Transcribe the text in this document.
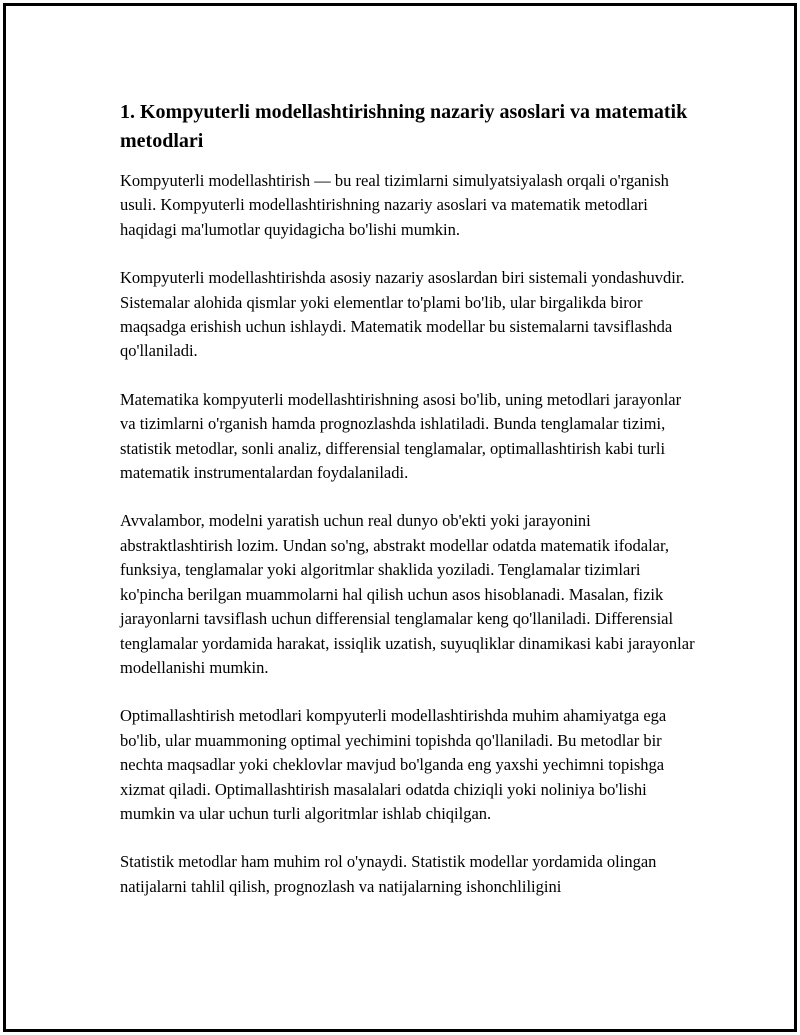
1. Kompyuterli modellashtirishning nazariy asoslari va matematik metodlari

Kompyuterli modellashtirish — bu real tizimlarni simulyatsiyalash orqali o'rganish usuli. Kompyuterli modellashtirishning nazariy asoslari va matematik metodlari haqidagi ma'lumotlar quyidagicha bo'lishi mumkin.

Kompyuterli modellashtirishda asosiy nazariy asoslardan biri sistemali yondashuvdir. Sistemalar alohida qismlar yoki elementlar to'plami bo'lib, ular birgalikda biror maqsadga erishish uchun ishlaydi. Matematik modellar bu sistemalarni tavsiflashda qo'llaniladi.

Matematika kompyuterli modellashtirishning asosi bo'lib, uning metodlari jarayonlar va tizimlarni o'rganish hamda prognozlashda ishlatiladi. Bunda tenglamalar tizimi, statistik metodlar, sonli analiz, differensial tenglamalar, optimallashtirish kabi turli matematik instrumentalardan foydalaniladi.

Avvalambor, modelni yaratish uchun real dunyo ob'ekti yoki jarayonini abstraktlashtirish lozim. Undan so'ng, abstrakt modellar odatda matematik ifodalar, funksiya, tenglamalar yoki algoritmlar shaklida yoziladi. Tenglamalar tizimlari ko'pincha berilgan muammolarni hal qilish uchun asos hisoblanadi. Masalan, fizik jarayonlarni tavsiflash uchun differensial tenglamalar keng qo'llaniladi. Differensial tenglamalar yordamida harakat, issiqlik uzatish, suyuqliklar dinamikasi kabi jarayonlar modellanishi mumkin.

Optimallashtirish metodlari kompyuterli modellashtirishda muhim ahamiyatga ega bo'lib, ular muammoning optimal yechimini topishda qo'llaniladi. Bu metodlar bir nechta maqsadlar yoki cheklovlar mavjud bo'lganda eng yaxshi yechimni topishga xizmat qiladi. Optimallashtirish masalalari odatda chiziqli yoki noliniya bo'lishi mumkin va ular uchun turli algoritmlar ishlab chiqilgan.

Statistik metodlar ham muhim rol o'ynaydi. Statistik modellar yordamida olingan natijalarni tahlil qilish, prognozlash va natijalarning ishonchliligini
